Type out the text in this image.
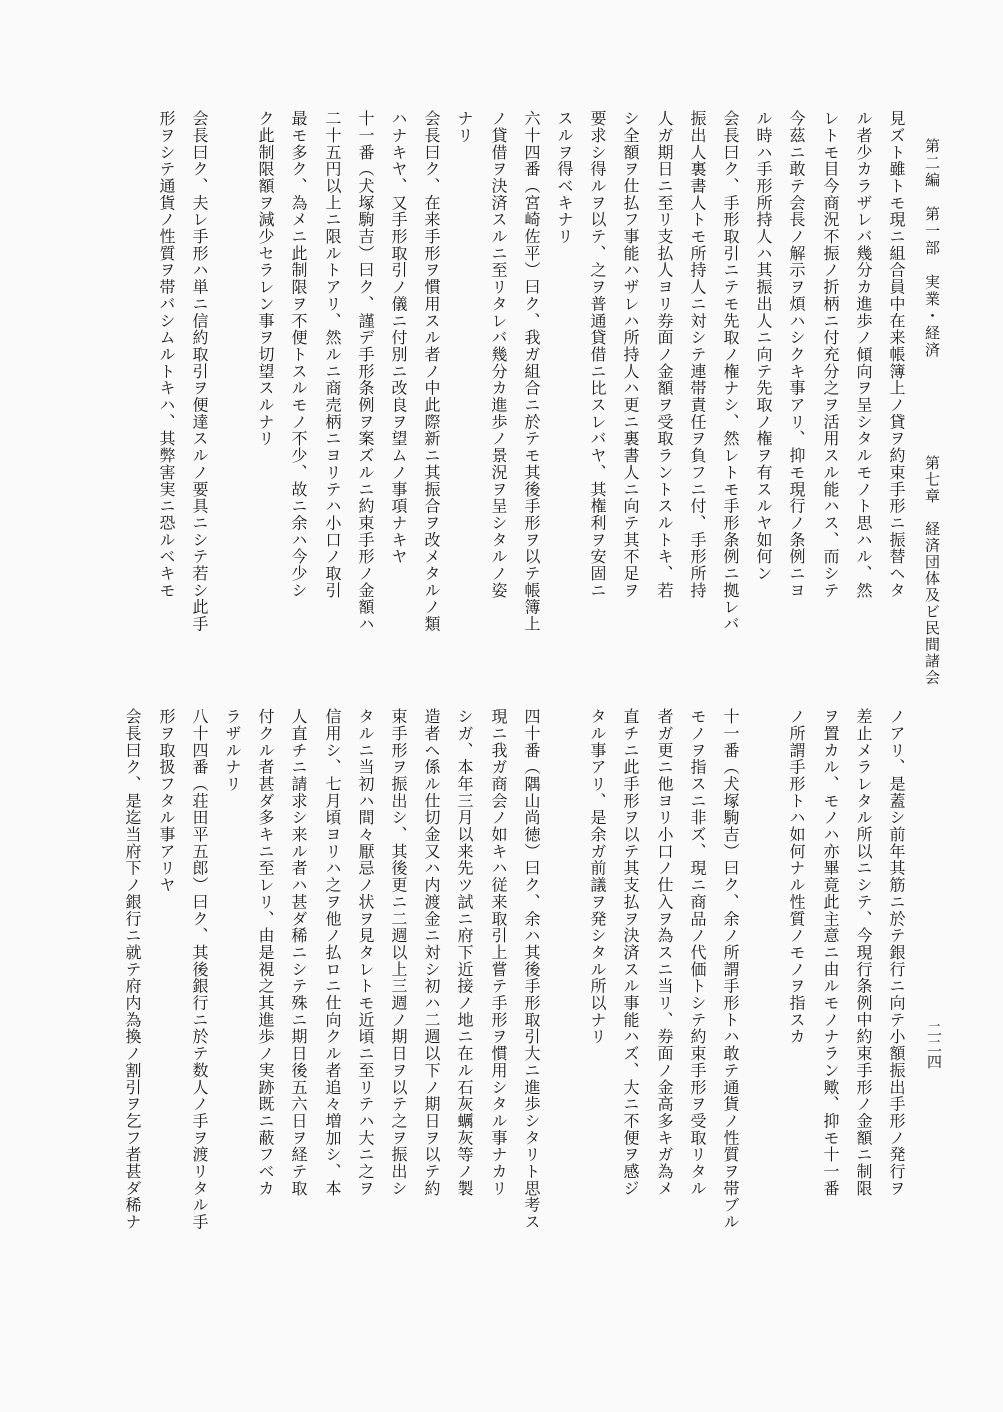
第二編　第一部　実業・経済
第七章　経済団体及ビ民間諸会
二二四
見ズト雖トモ現ニ組合員中在来帳簿上ノ貸ヲ約束手形ニ振替ヘタ
ノアリ、是蓋シ前年其筋ニ於テ銀行ニ向テ小額振出手形ノ発行ヲ
ル者少カラザレバ幾分カ進歩ノ傾向ヲ呈シタルモノト思ハル、然
差止メラレタル所以ニシテ、今現行条例中約束手形ノ金額ニ制限
レトモ目今商況不振ノ折柄ニ付充分之ヲ活用スル能ハス、而シテ
ヲ置カル、モノハ亦畢竟此主意ニ由ルモノナラン歟、抑モ十一番
今茲ニ敢テ会長ノ解示ヲ煩ハシクキ事アリ、抑モ現行ノ条例ニヨ
ノ所謂手形トハ如何ナル性質ノモノヲ指スカ
ル時ハ手形所持人ハ其振出人ニ向テ先取ノ権ヲ有スルヤ如何ン
会長曰ク、手形取引ニテモ先取ノ権ナシ、然レトモ手形条例ニ拠レバ
十一番（犬塚駒吉）曰ク、余ノ所謂手形トハ敢テ通貨ノ性質ヲ帯ブル
振出人裏書人トモ所持人ニ対シテ連帯責任ヲ負フニ付、手形所持
モノヲ指スニ非ズ、現ニ商品ノ代価トシテ約束手形ヲ受取リタル
人ガ期日ニ至リ支払人ヨリ券面ノ金額ヲ受取ラントスルトキ、若
者ガ更ニ他ヨリ小口ノ仕入ヲ為スニ当リ、券面ノ金高多キガ為メ
シ全額ヲ仕払フ事能ハザレハ所持人ハ更ニ裏書人ニ向テ其不足ヲ
直チニ此手形ヲ以テ其支払ヲ決済スル事能ハズ、大ニ不便ヲ感ジ
要求シ得ルヲ以テ、之ヲ普通貸借ニ比スレバヤ、其権利ヲ安固ニ
タル事アリ、是余ガ前議ヲ発シタル所以ナリ
スルヲ得ベキナリ
六十四番（宮崎佐平）曰ク、我ガ組合ニ於テモ其後手形ヲ以テ帳簿上
四十番（隅山尚徳）曰ク、余ハ其後手形取引大ニ進歩シタリト思考ス
ノ貸借ヲ決済スルニ至リタレバ幾分カ進歩ノ景況ヲ呈シタルノ姿
現ニ我ガ商会ノ如キハ従来取引上嘗テ手形ヲ慣用シタル事ナカリ
ナリ
シガ、本年三月以来先ツ試ニ府下近接ノ地ニ在ル石灰蠣灰等ノ製
会長曰ク、在来手形ヲ慣用スル者ノ中此際新ニ其振合ヲ改メタルノ類
造者ヘ係ル仕切金又ハ内渡金ニ対シ初ハ二週以下ノ期日ヲ以テ約
ハナキヤ、又手形取引ノ儀ニ付別ニ改良ヲ望ムノ事項ナキヤ
束手形ヲ振出シ、其後更ニ二週以上三週ノ期日ヲ以テ之ヲ振出シ
十一番（犬塚駒吉）曰ク、謹デ手形条例ヲ案ズルニ約束手形ノ金額ハ
タルニ当初ハ間々厭忌ノ状ヲ見タレトモ近頃ニ至リテハ大ニ之ヲ
二十五円以上ニ限ルトアリ、然ルニ商売柄ニヨリテハ小口ノ取引
信用シ、七月頃ヨリハ之ヲ他ノ払ロニ仕向クル者追々増加シ、本
最モ多ク、為メニ此制限ヲ不便トスルモノ不少、故ニ余ハ今少シ
人直チニ請求シ来ル者ハ甚ダ稀ニシテ殊ニ期日後五六日ヲ経テ取
ク此制限額ヲ減少セラレン事ヲ切望スルナリ
付クル者甚ダ多キニ至レリ、由是視之其進歩ノ実跡既ニ蔽フベカ
ラザルナリ
会長曰ク、夫レ手形ハ単ニ信約取引ヲ便達スルノ要具ニシテ若シ此手
八十四番（荘田平五郎）曰ク、其後銀行ニ於テ数人ノ手ヲ渡リタル手
形ヲシテ通貨ノ性質ヲ帯バシムルトキハ、其弊害実ニ恐ルベキモ
形ヲ取扱フタル事アリヤ
会長曰ク、是迄当府下ノ銀行ニ就テ府内為換ノ割引ヲ乞フ者甚ダ稀ナ
